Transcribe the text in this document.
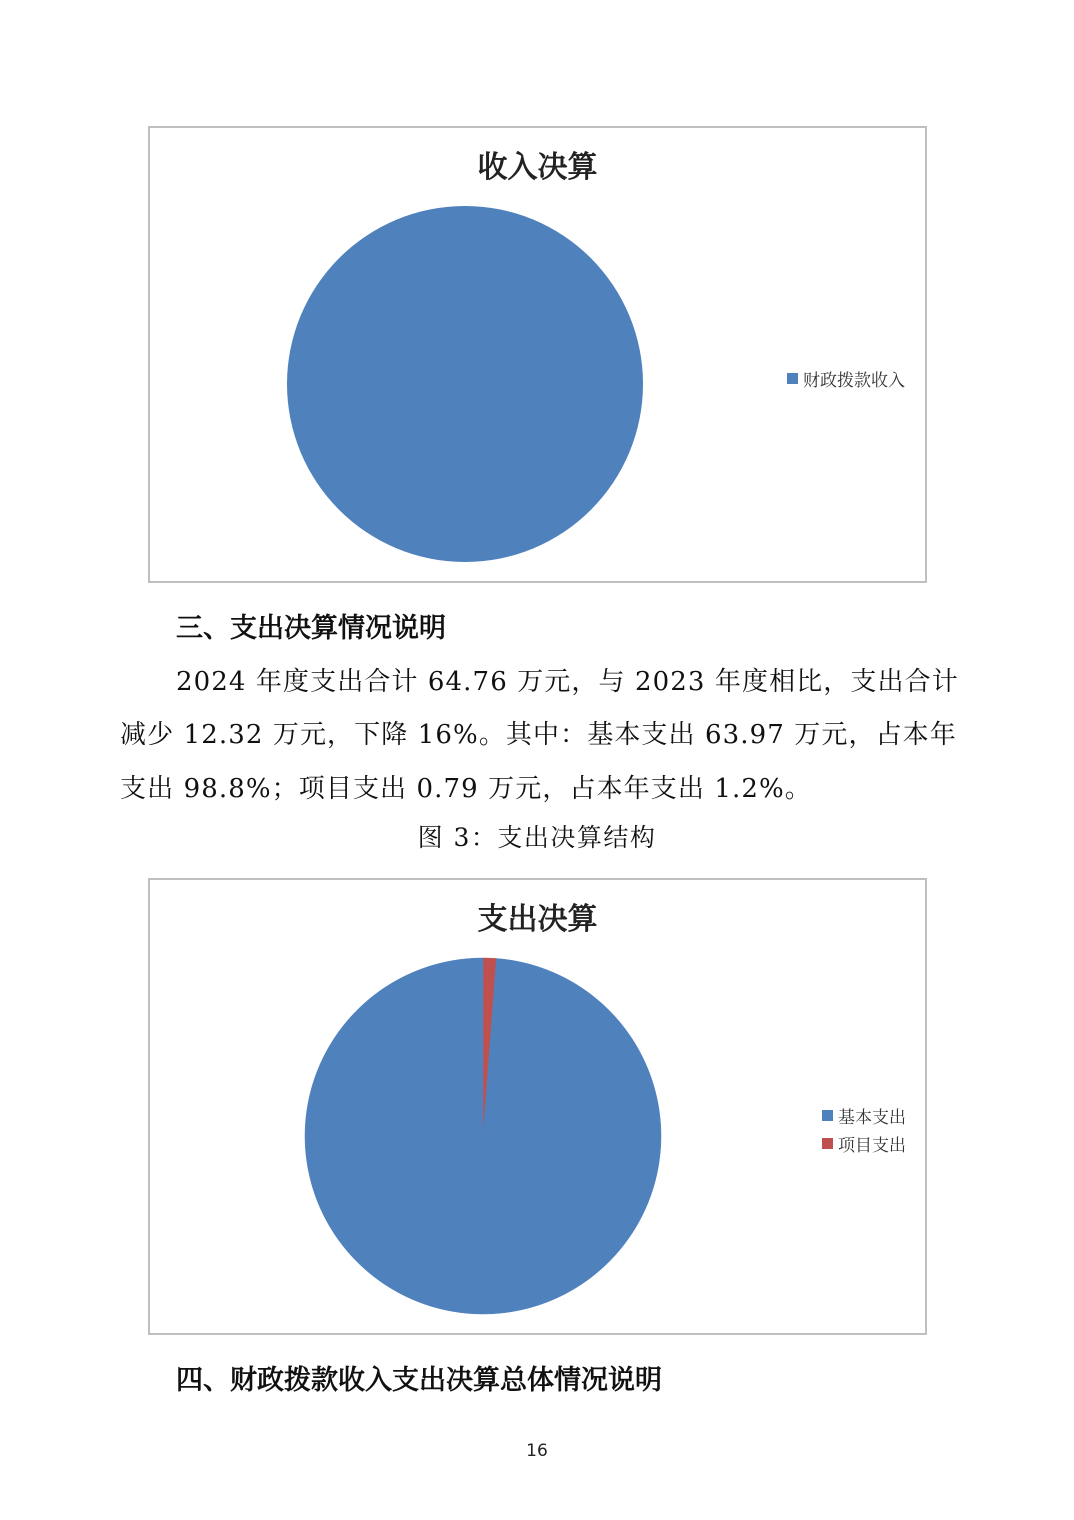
收入决算
财政拨款收入
三、支出决算情况说明
2024 年度支出合计 64.76 万元，与 2023 年度相比，支出合计
减少 12.32 万元，下降 16%。其中：基本支出 63.97 万元，占本年
支出 98.8%；项目支出 0.79 万元，占本年支出 1.2%。
图 3：支出决算结构
支出决算
基本支出
项目支出
四、财政拨款收入支出决算总体情况说明
16
